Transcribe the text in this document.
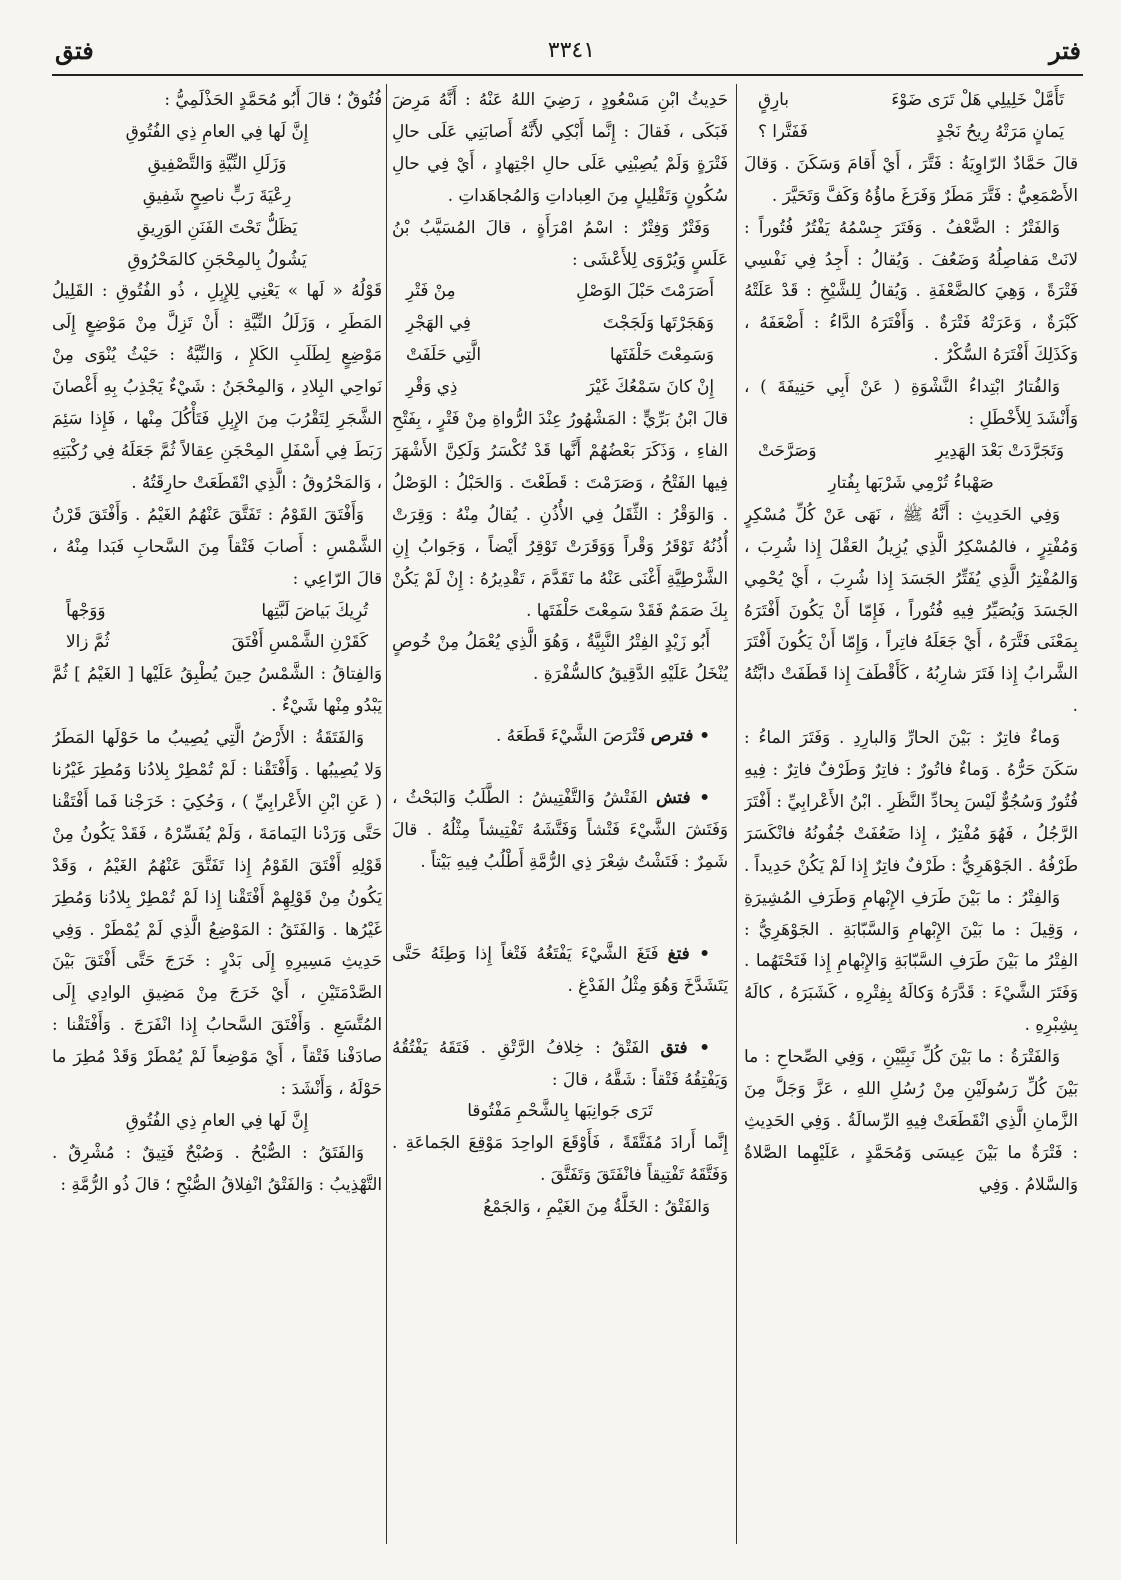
فتق	٣٣٤١	فتر
تَأَمَّلْ خَلِيلِي هَلْ تَرَى ضَوْءَ
بارِقٍ
يَمانٍ مَرَتْهُ رِيحُ نَجْدٍ
فَفَتَّرا ؟

قالَ حَمَّادٌ الرّاوِيَةُ : فَتَّرَ ، أَيْ أَقامَ وَسَكَنَ . وَقالَ الأَصْمَعِيُّ : فَتَّرَ مَطَرٌ وَفَرَغَ ماؤُهُ وَكَفَّ وَتَحَيَّرَ .

وَالفَتْرُ : الضَّعْفُ . وَفَتَرَ جِسْمُهُ يَفْتُرُ فُتُوراً : لانَتْ مَفاصِلُهُ وَضَعُفَ . وَيُقالُ : أَجِدُ فِي نَفْسِي فَتْرَةً ، وَهِيَ كالضَّعْفَةِ . وَيُقالُ لِلشَّيْخِ : قَدْ عَلَتْهُ كَبْرَةٌ ، وَعَرَتْهُ فَتْرَةٌ . وَأَفْتَرَهُ الدَّاءُ : أَضْعَفَهُ ، وَكَذَلِكَ أَفْتَرَهُ السُّكْرُ .

وَالفُتارُ ابْتِداءُ النَّشْوَةِ ( عَنْ أَبِي حَنِيفَةَ ) ، وَأَنْشَدَ لِلأَخْطَلِ :

وَتَجَرَّدَتْ بَعْدَ الهَدِيرِ
وَصَرَّحَتْ
صَهْباءُ تُرْمِي شَرْبَها بِفُتارِ

وَفِي الحَدِيثِ : أَنَّهُ ﷺ ، نَهَى عَنْ كُلِّ مُسْكِرٍ وَمُفْتِرٍ ، فالمُسْكِرُ الَّذِي يُزِيلُ العَقْلَ إِذا شُرِبَ ، وَالمُفْتِرُ الَّذِي يُفَتِّرُ الجَسَدَ إِذا شُرِبَ ، أَيْ يُحْمِي الجَسَدَ وَيُصَيِّرُ فِيهِ فُتُوراً ، فَإِمّا أَنْ يَكُونَ أَفْتَرَهُ بِمَعْنَى فَتَّرَهُ ، أَيْ جَعَلَهُ فاتِراً ، وَإِمّا أَنْ يَكُونَ أَفْتَرَ الشَّرابُ إِذا فَتَرَ شارِبُهُ ، كَأَقْطَفَ إِذا قَطَفَتْ دابَّتُهُ .

وَماءٌ فاتِرٌ : بَيْنَ الحارِّ وَالبارِدِ . وَفَتَرَ الماءُ : سَكَنَ حَرُّهُ . وَماءٌ فاتُورٌ : فاتِرٌ وَطَرْفٌ فاتِرٌ : فِيهِ فُتُورٌ وَسُجُوٌّ لَيْسَ بِحادِّ النَّظَرِ . ابْنُ الأَعْرابِيِّ : أَفْتَرَ الرَّجُلُ ، فَهُوَ مُفْتِرٌ ، إِذا ضَعُفَتْ جُفُونُهُ فانْكَسَرَ طَرْفُهُ . الجَوْهَرِيُّ : طَرْفٌ فاتِرٌ إِذا لَمْ يَكُنْ حَدِيداً .

وَالفِتْرُ : ما بَيْنَ طَرَفِ الإِبْهامِ وَطَرَفِ المُشِيرَةِ ، وَقِيلَ : ما بَيْنَ الإِبْهامِ وَالسَّبّابَةِ . الجَوْهَرِيُّ : الفِتْرُ ما بَيْنَ طَرَفِ السَّبّابَةِ وَالإِبْهامِ إِذا فَتَحْتَهُما . وَفَتَرَ الشَّيْءَ : قَدَّرَهُ وَكالَهُ بِفِتْرِهِ ، كَشَبَرَهُ ، كالَهُ بِشِبْرِهِ .

وَالفَتْرَةُ : ما بَيْنَ كُلِّ نَبِيَّيْنِ ، وَفِي الصِّحاحِ : ما بَيْنَ كُلِّ رَسُولَيْنِ مِنْ رُسُلِ اللهِ ، عَزَّ وَجَلَّ مِنَ الزَّمانِ الَّذِي انْقَطَعَتْ فِيهِ الرِّسالَةُ . وَفِي الحَدِيثِ : فَتْرَةٌ ما بَيْنَ عِيسَى وَمُحَمَّدٍ ، عَلَيْهِما الصَّلاةُ وَالسَّلامُ . وَفِي

حَدِيثُ ابْنِ مَسْعُودٍ ، رَضِيَ اللهُ عَنْهُ : أَنَّهُ مَرِضَ فَبَكَى ، فَقالَ : إِنَّما أَبْكِي لأَنَّهُ أَصابَنِي عَلَى حالِ فَتْرَةٍ وَلَمْ يُصِبْنِي عَلَى حالِ اجْتِهادٍ ، أَيْ فِي حالِ سُكُونٍ وَتَقْلِيلٍ مِنَ العِباداتِ وَالمُجاهَداتِ .

وَفَتْرٌ وَفِتْرٌ : اسْمُ امْرَأَةٍ ، قالَ المُسَيَّبُ بْنُ عَلَسٍ وَيُرْوَى لِلأَعْشَى :

أَصَرَمْتَ حَبْلَ الوَصْلِ
مِنْ فَتْرِ
وَهَجَرْتَها وَلَجَجْتَ
فِي الهَجْرِ
وَسَمِعْتَ حَلْفَتَها
الَّتِي حَلَفَتْ
إِنْ كانَ سَمْعُكَ غَيْرَ
ذِي وَقْرِ

قالَ ابْنُ بَرِّيٍّ : المَشْهُورُ عِنْدَ الرُّواةِ مِنْ فَتْرٍ ، بِفَتْحِ الفاءِ ، وَذَكَرَ بَعْضُهُمْ أَنَّها قَدْ تُكْسَرُ وَلَكِنَّ الأَشْهَرَ فِيها الفَتْحُ ، وَصَرَمْتَ : قَطَعْتَ . وَالحَبْلُ : الوَصْلُ . وَالوَقْرُ : الثِّقَلُ فِي الأُذُنِ . يُقالُ مِنْهُ : وَقِرَتْ أُذُنُهُ تَوْقَرُ وَقْراً وَوَقَرَتْ تَوْقِرُ أَيْضاً ، وَجَوابُ إِنِ الشَّرْطِيَّةِ أَغْنَى عَنْهُ ما تَقَدَّمَ ، تَقْدِيرُهُ : إِنْ لَمْ يَكُنْ بِكَ صَمَمٌ فَقَدْ سَمِعْتَ حَلْفَتَها .

أَبُو زَيْدٍ الفِتْرُ النَّبِيَّةُ ، وَهُوَ الَّذِي يُعْمَلُ مِنْ خُوصٍ يُنْخَلُ عَلَيْهِ الدَّقِيقُ كالسُّفْرَةِ .

• فترص فَتْرَصَ الشَّيْءَ قَطَعَهُ .

• فتش الفَتْشُ وَالتَّفْتِيشُ : الطَّلَبُ وَالبَحْثُ ، وَفَتَشَ الشَّيْءَ فَتْشاً وَفَتَّشَهُ تَفْتِيشاً مِثْلُهُ . قالَ شَمِرٌ : فَتَشْتُ شِعْرَ ذِي الرُّمَّةِ أَطْلُبُ فِيهِ بَيْتاً .

• فتغ فَتَغَ الشَّيْءَ يَفْتَغُهُ فَتْغاً إِذا وَطِئَهُ حَتَّى يَتَشَدَّخَ وَهُوَ مِثْلُ الفَدْغِ .

• فتق الفَتْقُ : خِلافُ الرَّتْقِ . فَتَقَهُ يَفْتُقُهُ وَيَفْتِقُهُ فَتْقاً : شَقَّهُ ، قالَ :

تَرَى جَوانِبَها بِالشَّحْمِ مَفْتُوقا

إِنَّما أَرادَ مُفَتَّقَةً ، فَأَوْقَعَ الواحِدَ مَوْقِعَ الجَماعَةِ . وَفَتَّقَهُ تَفْتِيقاً فانْفَتَقَ وَتَفَتَّقَ .

وَالفَتْقُ : الخَلَّةُ مِنَ الغَيْمِ ، وَالجَمْعُ

فُتُوقٌ ؛ قالَ أَبُو مُحَمَّدٍ الحَذْلَمِيُّ :

إِنَّ لَها فِي العامِ ذِي الفُتُوقِ
وَزَلَلِ النِّيَّةِ وَالتَّصْفِيقِ
رِعْيَةَ رَبٍّ ناصِحٍ شَفِيقِ
يَظَلُّ تَحْتَ الفَنَنِ الوَرِيقِ
يَشُولُ بِالمِحْجَنِ كالمَحْرُوقِ

قَوْلُهُ « لَها » يَعْنِي لِلإِبِلِ ، ذُو الفُتُوقِ : القَلِيلُ المَطَرِ ، وَزَلَلُ النِّيَّةِ : أَنْ تَزِلَّ مِنْ مَوْضِعٍ إِلَى مَوْضِعٍ لِطَلَبِ الكَلإِ ، وَالنِّيَّةُ : حَيْثُ يُنْوَى مِنْ نَواحِي البِلادِ ، وَالمِحْجَنُ : شَيْءٌ يَجْذِبُ بِهِ أَغْصانَ الشَّجَرِ لِتَقْرُبَ مِنَ الإِبِلِ فَتَأْكُلَ مِنْها ، فَإِذا سَئِمَ رَبَطَ فِي أَسْفَلِ المِحْجَنِ عِقالاً ثُمَّ جَعَلَهُ فِي رُكْبَتِهِ ، وَالمَحْرُوقُ : الَّذِي انْقَطَعَتْ حارِقَتُهُ .

وَأَفْتَقَ القَوْمُ : تَفَتَّقَ عَنْهُمُ الغَيْمُ . وَأَفْتَقَ قَرْنُ الشَّمْسِ : أَصابَ فَتْقاً مِنَ السَّحابِ فَبَدا مِنْهُ ، قالَ الرّاعِي :

تُرِيكَ بَياضَ لَبَّتِها
وَوَجْهاً
كَقَرْنِ الشَّمْسِ أَفْتَقَ
ثُمَّ زالا

وَالفِتاقُ : الشَّمْسُ حِينَ يُطْبِقُ عَلَيْها [ الغَيْمُ ] ثُمَّ يَبْدُو مِنْها شَيْءٌ .

وَالفَتَقَةُ : الأَرْضُ الَّتِي يُصِيبُ ما حَوْلَها المَطَرُ وَلا يُصِيبُها . وَأَفْتَقْنا : لَمْ تُمْطِرْ بِلادُنا وَمُطِرَ غَيْرُنا ( عَنِ ابْنِ الأَعْرابِيِّ ) ، وَحُكِيَ : خَرَجْنا فَما أَفْتَقْنا حَتَّى وَرَدْنا اليَمامَةَ ، وَلَمْ يُفَسِّرْهُ ، فَقَدْ يَكُونُ مِنْ قَوْلِهِ أَفْتَقَ القَوْمُ إِذا تَفَتَّقَ عَنْهُمُ الغَيْمُ ، وَقَدْ يَكُونُ مِنْ قَوْلِهِمْ أَفْتَقْنا إِذا لَمْ تُمْطِرْ بِلادُنا وَمُطِرَ غَيْرُها . وَالفَتَقُ : المَوْضِعُ الَّذِي لَمْ يُمْطَرْ . وَفِي حَدِيثِ مَسِيرِهِ إِلَى بَدْرٍ : خَرَجَ حَتَّى أَفْتَقَ بَيْنَ الصَّدْمَتَيْنِ ، أَيْ خَرَجَ مِنْ مَضِيقِ الوادِي إِلَى المُتَّسَعِ . وَأَفْتَقَ السَّحابُ إِذا انْفَرَجَ . وَأَفْتَقْنا : صادَفْنا فَتْقاً ، أَيْ مَوْضِعاً لَمْ يُمْطَرْ وَقَدْ مُطِرَ ما حَوْلَهُ ، وَأَنْشَدَ :

إِنَّ لَها فِي العامِ ذِي الفُتُوقِ

وَالفَتَقُ : الصُّبْحُ . وَصُبْحٌ فَتِيقٌ : مُشْرِقٌ . التَّهْذِيبُ : وَالفَتْقُ انْفِلاقُ الصُّبْحِ ؛ قالَ ذُو الرُّمَّةِ :
